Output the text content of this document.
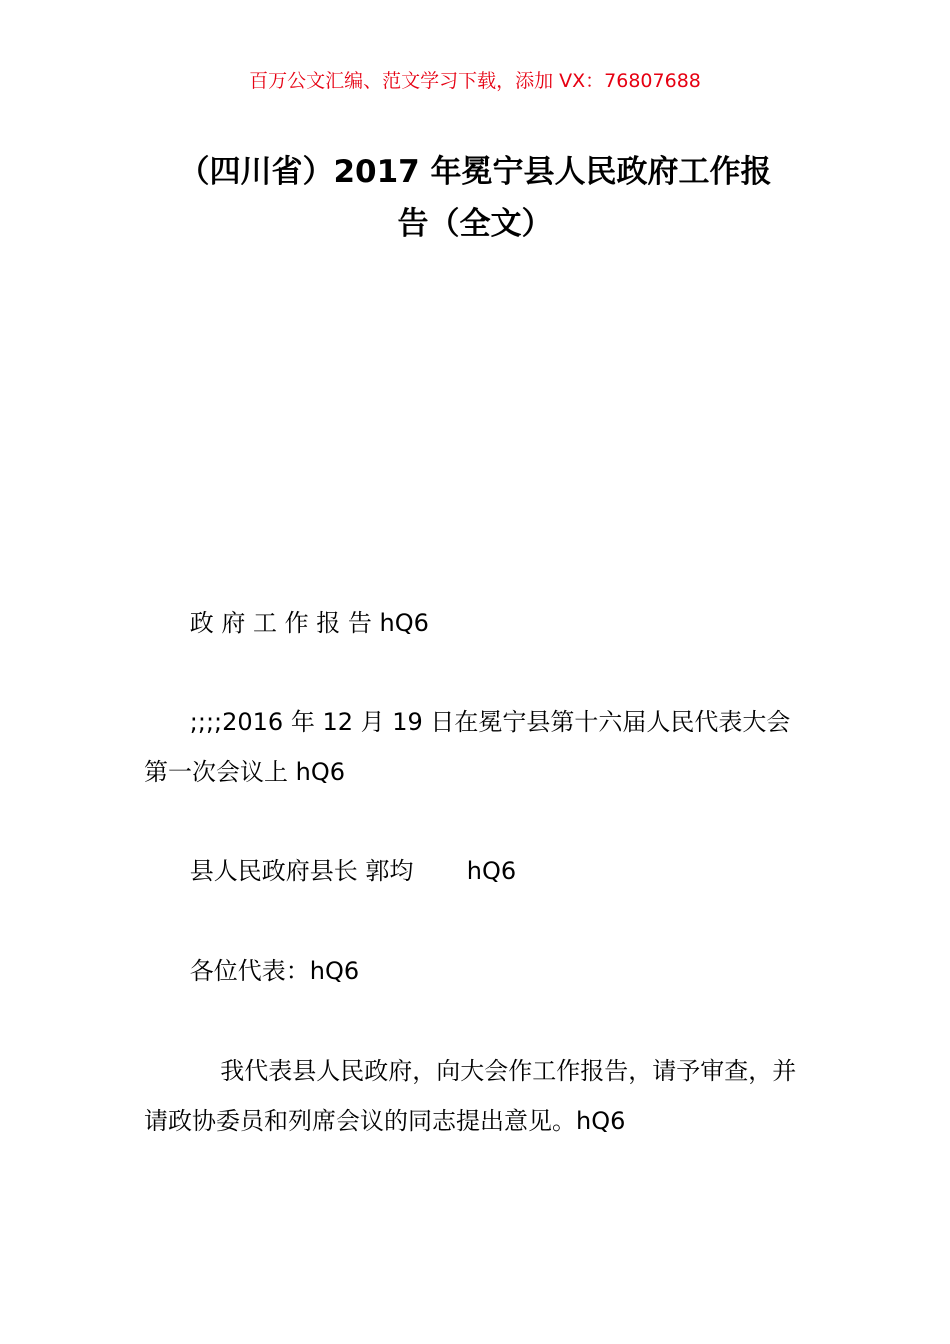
百万公文汇编、范文学习下载，添加 VX：76807688
（四川省）2017 年冕宁县人民政府工作报
告（全文）

政 府 工 作 报 告 hQ6

;;;;2016 年 12 月 19 日在冕宁县第十六届人民代表大会第一次会议上 hQ6

县人民政府县长 郭均       hQ6

各位代表：hQ6

我代表县人民政府，向大会作工作报告，请予审查，并请政协委员和列席会议的同志提出意见。hQ6
